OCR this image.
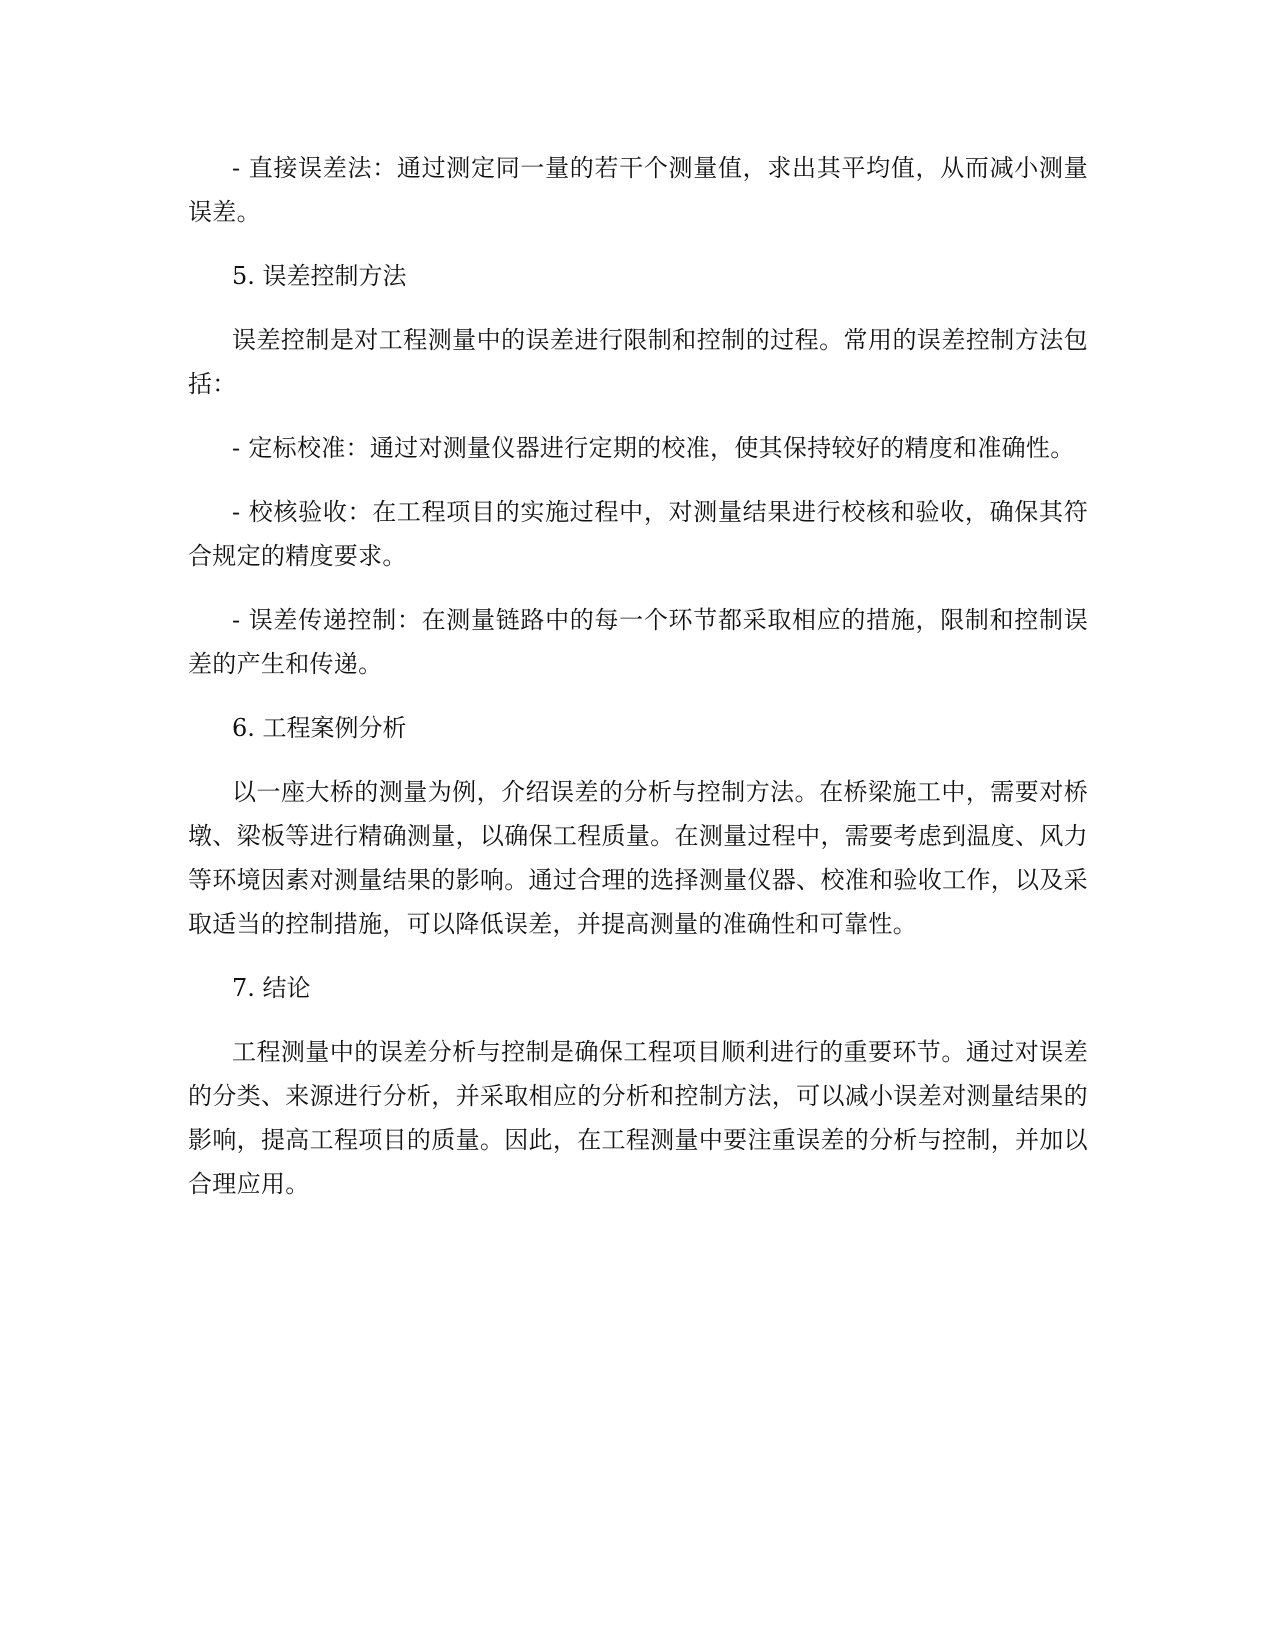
- 直接误差法：通过测定同一量的若干个测量值，求出其平均值，从而减小测量误差。

5. 误差控制方法

误差控制是对工程测量中的误差进行限制和控制的过程。常用的误差控制方法包括：

- 定标校准：通过对测量仪器进行定期的校准，使其保持较好的精度和准确性。

- 校核验收：在工程项目的实施过程中，对测量结果进行校核和验收，确保其符合规定的精度要求。

- 误差传递控制：在测量链路中的每一个环节都采取相应的措施，限制和控制误差的产生和传递。

6. 工程案例分析

以一座大桥的测量为例，介绍误差的分析与控制方法。在桥梁施工中，需要对桥墩、梁板等进行精确测量，以确保工程质量。在测量过程中，需要考虑到温度、风力等环境因素对测量结果的影响。通过合理的选择测量仪器、校准和验收工作，以及采取适当的控制措施，可以降低误差，并提高测量的准确性和可靠性。

7. 结论

工程测量中的误差分析与控制是确保工程项目顺利进行的重要环节。通过对误差的分类、来源进行分析，并采取相应的分析和控制方法，可以减小误差对测量结果的影响，提高工程项目的质量。因此，在工程测量中要注重误差的分析与控制，并加以合理应用。
